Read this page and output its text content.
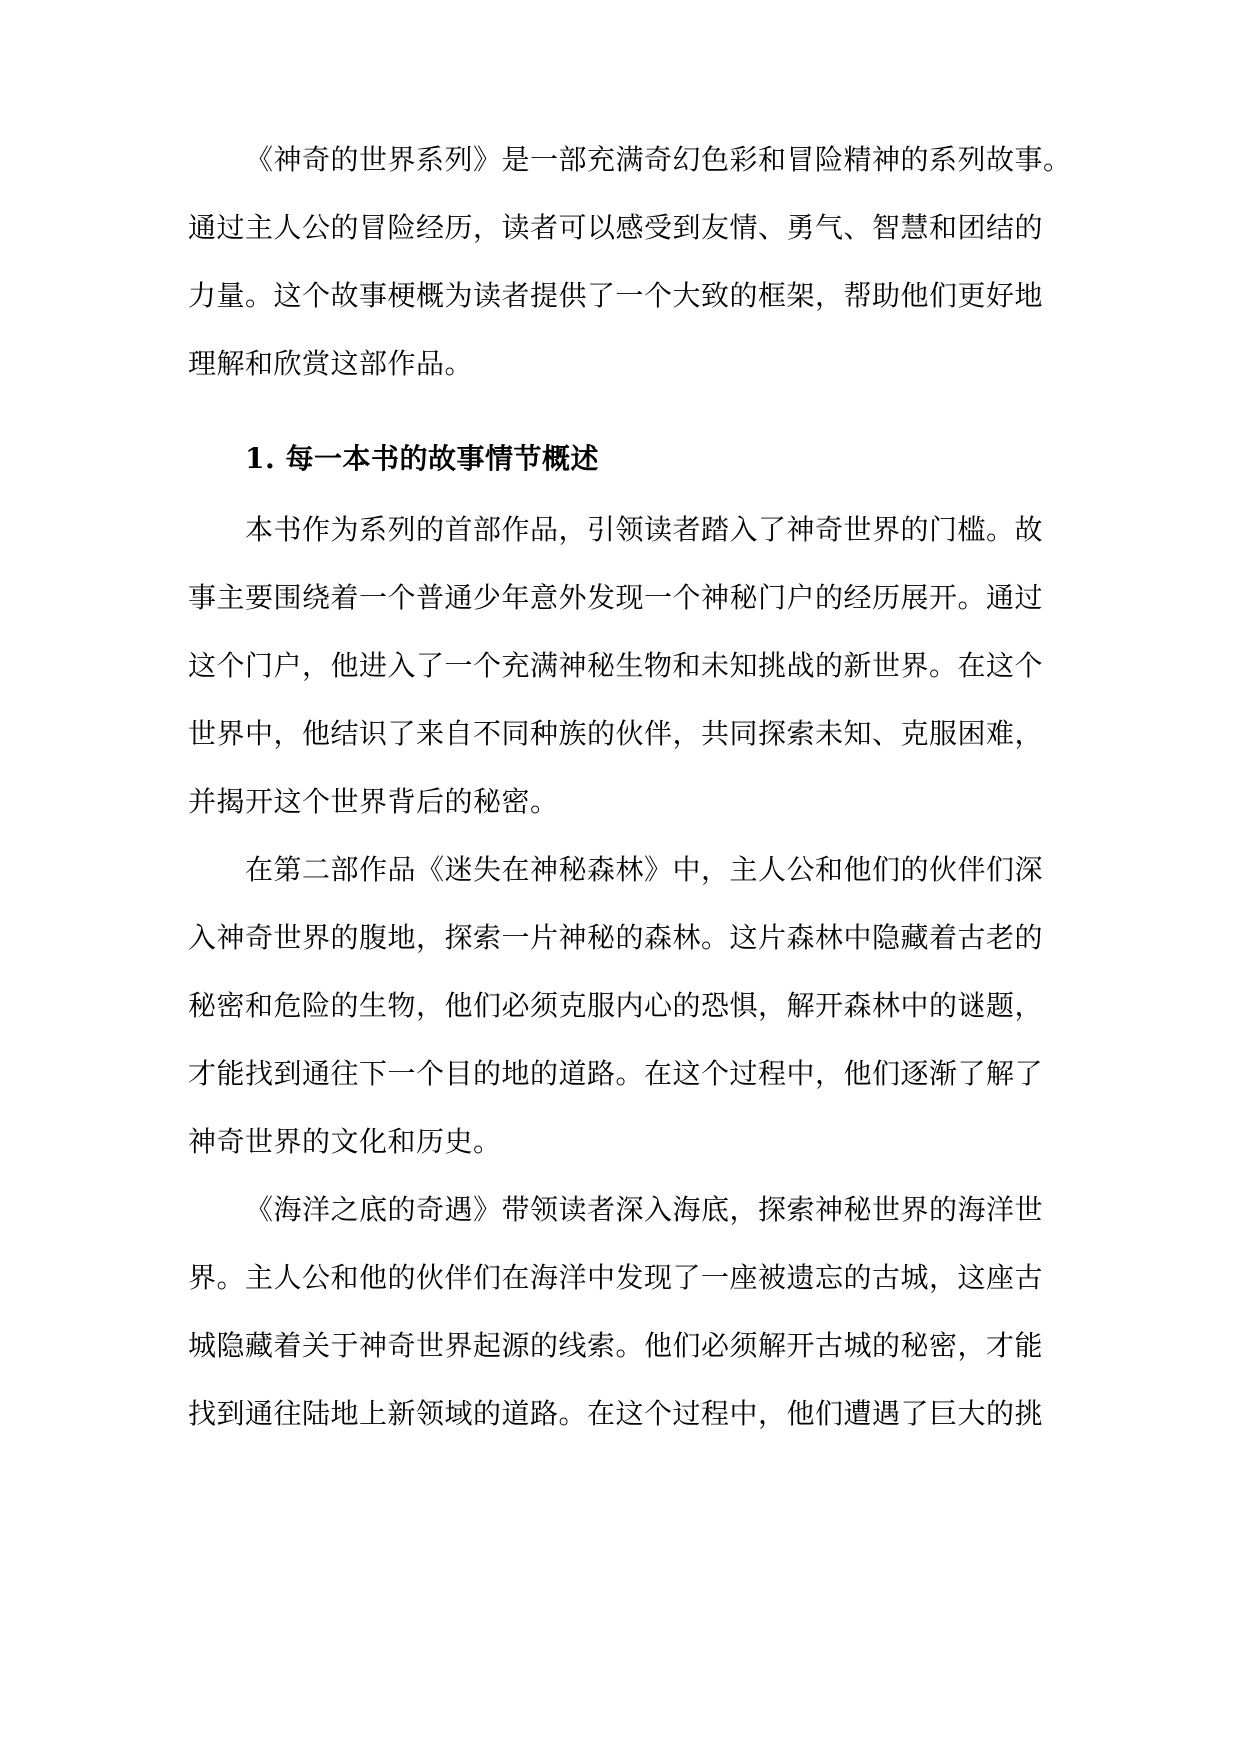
《神奇的世界系列》是一部充满奇幻色彩和冒险精神的系列故事。
通过主人公的冒险经历，读者可以感受到友情、勇气、智慧和团结的
力量。这个故事梗概为读者提供了一个大致的框架，帮助他们更好地
理解和欣赏这部作品。
1. 每一本书的故事情节概述
本书作为系列的首部作品，引领读者踏入了神奇世界的门槛。故
事主要围绕着一个普通少年意外发现一个神秘门户的经历展开。通过
这个门户，他进入了一个充满神秘生物和未知挑战的新世界。在这个
世界中，他结识了来自不同种族的伙伴，共同探索未知、克服困难，
并揭开这个世界背后的秘密。
在第二部作品《迷失在神秘森林》中，主人公和他们的伙伴们深
入神奇世界的腹地，探索一片神秘的森林。这片森林中隐藏着古老的
秘密和危险的生物，他们必须克服内心的恐惧，解开森林中的谜题，
才能找到通往下一个目的地的道路。在这个过程中，他们逐渐了解了
神奇世界的文化和历史。
《海洋之底的奇遇》带领读者深入海底，探索神秘世界的海洋世
界。主人公和他的伙伴们在海洋中发现了一座被遗忘的古城，这座古
城隐藏着关于神奇世界起源的线索。他们必须解开古城的秘密，才能
找到通往陆地上新领域的道路。在这个过程中，他们遭遇了巨大的挑
